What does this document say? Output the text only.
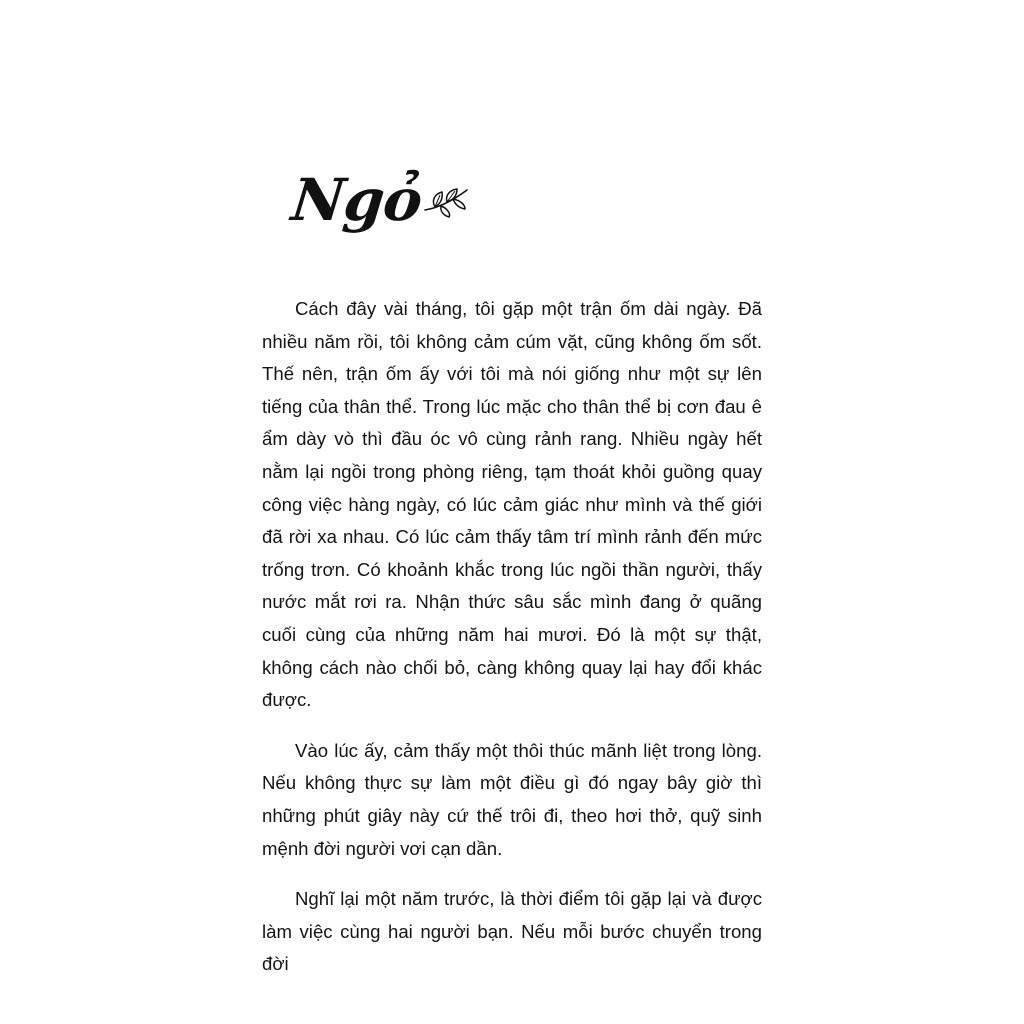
Ngỏ

Cách đây vài tháng, tôi gặp một trận ốm dài ngày. Đã nhiều năm rồi, tôi không cảm cúm vặt, cũng không ốm sốt. Thế nên, trận ốm ấy với tôi mà nói giống như một sự lên tiếng của thân thể. Trong lúc mặc cho thân thể bị cơn đau ê ẩm dày vò thì đầu óc vô cùng rảnh rang. Nhiều ngày hết nằm lại ngồi trong phòng riêng, tạm thoát khỏi guồng quay công việc hàng ngày, có lúc cảm giác như mình và thế giới đã rời xa nhau. Có lúc cảm thấy tâm trí mình rảnh đến mức trống trơn. Có khoảnh khắc trong lúc ngồi thần người, thấy nước mắt rơi ra. Nhận thức sâu sắc mình đang ở quãng cuối cùng của những năm hai mươi. Đó là một sự thật, không cách nào chối bỏ, càng không quay lại hay đổi khác được.

Vào lúc ấy, cảm thấy một thôi thúc mãnh liệt trong lòng. Nếu không thực sự làm một điều gì đó ngay bây giờ thì những phút giây này cứ thế trôi đi, theo hơi thở, quỹ sinh mệnh đời người vơi cạn dần.

Nghĩ lại một năm trước, là thời điểm tôi gặp lại và được làm việc cùng hai người bạn. Nếu mỗi bước chuyển trong đời
